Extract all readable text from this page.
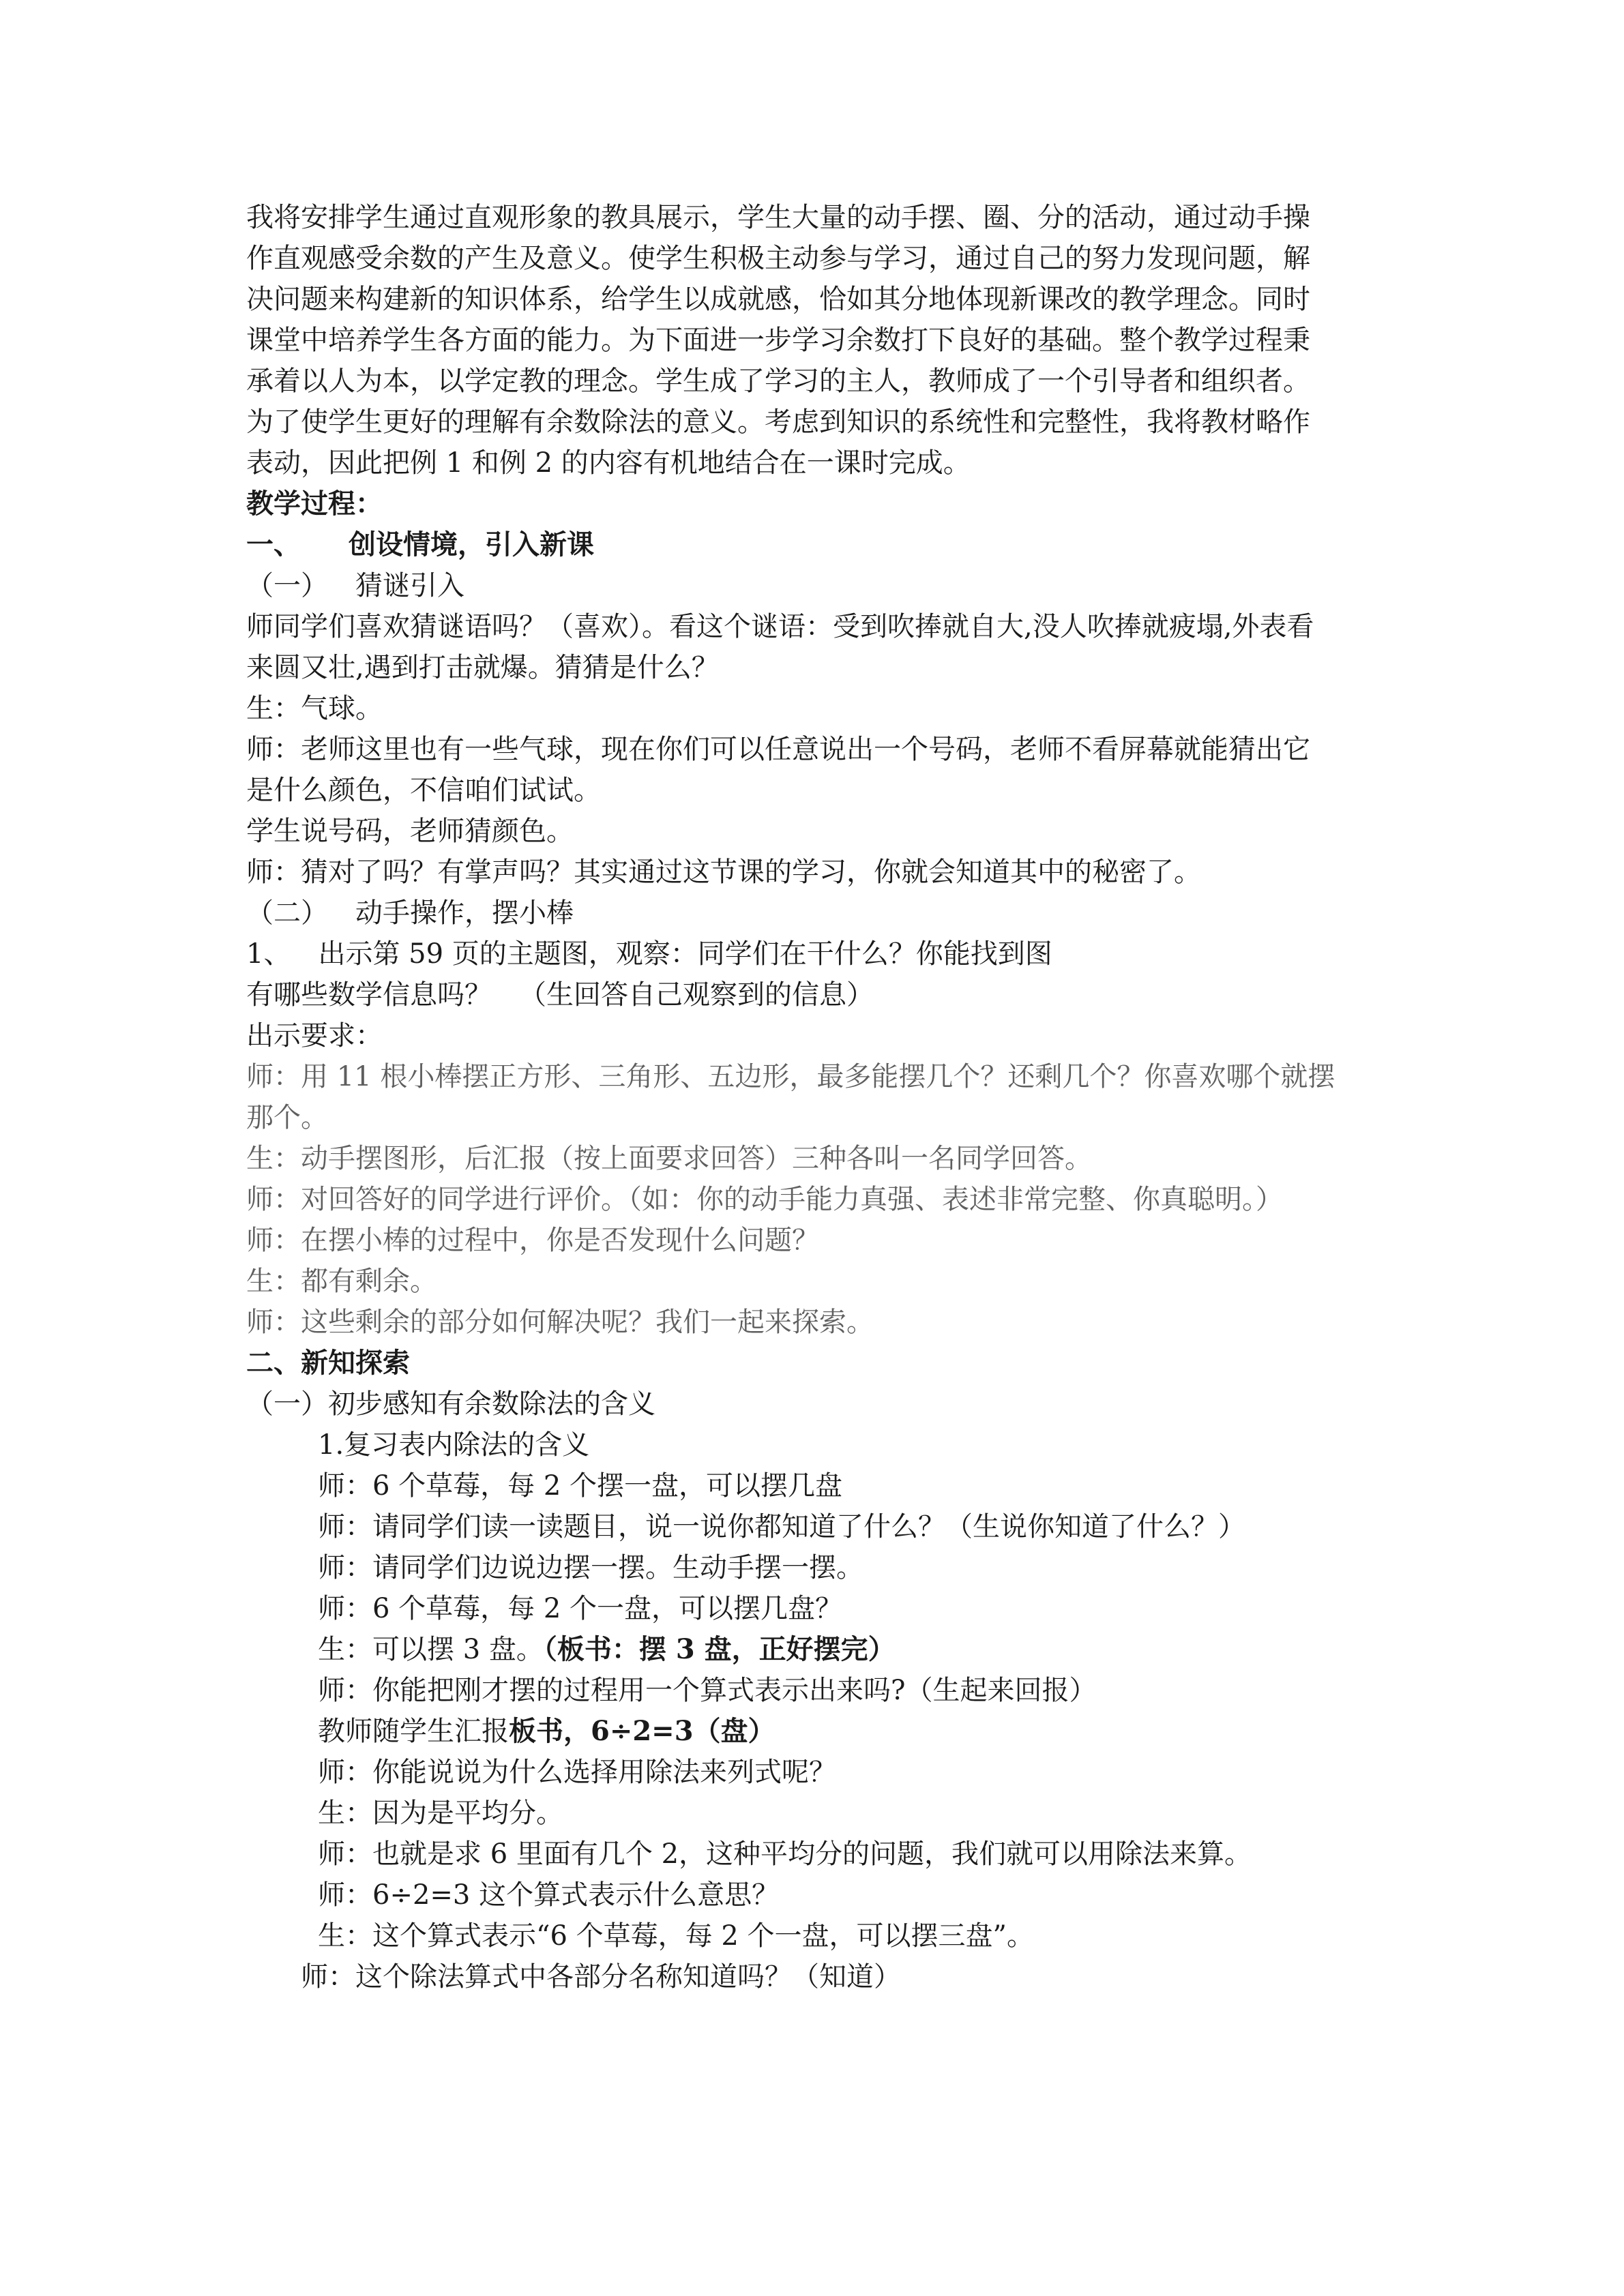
我将安排学生通过直观形象的教具展示，学生大量的动手摆、圈、分的活动，通过动手操
作直观感受余数的产生及意义。使学生积极主动参与学习，通过自己的努力发现问题，解
决问题来构建新的知识体系，给学生以成就感，恰如其分地体现新课改的教学理念。同时
课堂中培养学生各方面的能力。为下面进一步学习余数打下良好的基础。整个教学过程秉
承着以人为本，以学定教的理念。学生成了学习的主人，教师成了一个引导者和组织者。
为了使学生更好的理解有余数除法的意义。考虑到知识的系统性和完整性，我将教材略作
表动，因此把例 1 和例 2 的内容有机地结合在一课时完成。
教学过程：
一、 创设情境，引入新课
（一） 猜谜引入
师同学们喜欢猜谜语吗？（喜欢）。看这个谜语：受到吹捧就自大,没人吹捧就疲塌,外表看
来圆又壮,遇到打击就爆。猜猜是什么？
生：气球。
师：老师这里也有一些气球，现在你们可以任意说出一个号码，老师不看屏幕就能猜出它
是什么颜色，不信咱们试试。
学生说号码，老师猜颜色。
师：猜对了吗？有掌声吗？其实通过这节课的学习，你就会知道其中的秘密了。
（二） 动手操作，摆小棒
1、 出示第 59 页的主题图，观察：同学们在干什么？你能找到图
有哪些数学信息吗？ （生回答自己观察到的信息）
出示要求：
师：用 11 根小棒摆正方形、三角形、五边形，最多能摆几个？还剩几个？你喜欢哪个就摆
那个。
生：动手摆图形，后汇报（按上面要求回答）三种各叫一名同学回答。
师：对回答好的同学进行评价。（如：你的动手能力真强、表述非常完整、你真聪明。）
师：在摆小棒的过程中，你是否发现什么问题？
生：都有剩余。
师：这些剩余的部分如何解决呢？我们一起来探索。
二、新知探索
（一）初步感知有余数除法的含义
1.复习表内除法的含义
师：6 个草莓，每 2 个摆一盘，可以摆几盘
师：请同学们读一读题目，说一说你都知道了什么？（生说你知道了什么？）
师：请同学们边说边摆一摆。生动手摆一摆。
师：6 个草莓，每 2 个一盘，可以摆几盘？
生：可以摆 3 盘。（板书：摆 3 盘，正好摆完）
师：你能把刚才摆的过程用一个算式表示出来吗?（生起来回报）
教师随学生汇报板书，6÷2=3（盘）
师：你能说说为什么选择用除法来列式呢？
生：因为是平均分。
师：也就是求 6 里面有几个 2，这种平均分的问题，我们就可以用除法来算。
师：6÷2=3 这个算式表示什么意思？
生：这个算式表示“6 个草莓，每 2 个一盘，可以摆三盘”。
师：这个除法算式中各部分名称知道吗？（知道）
